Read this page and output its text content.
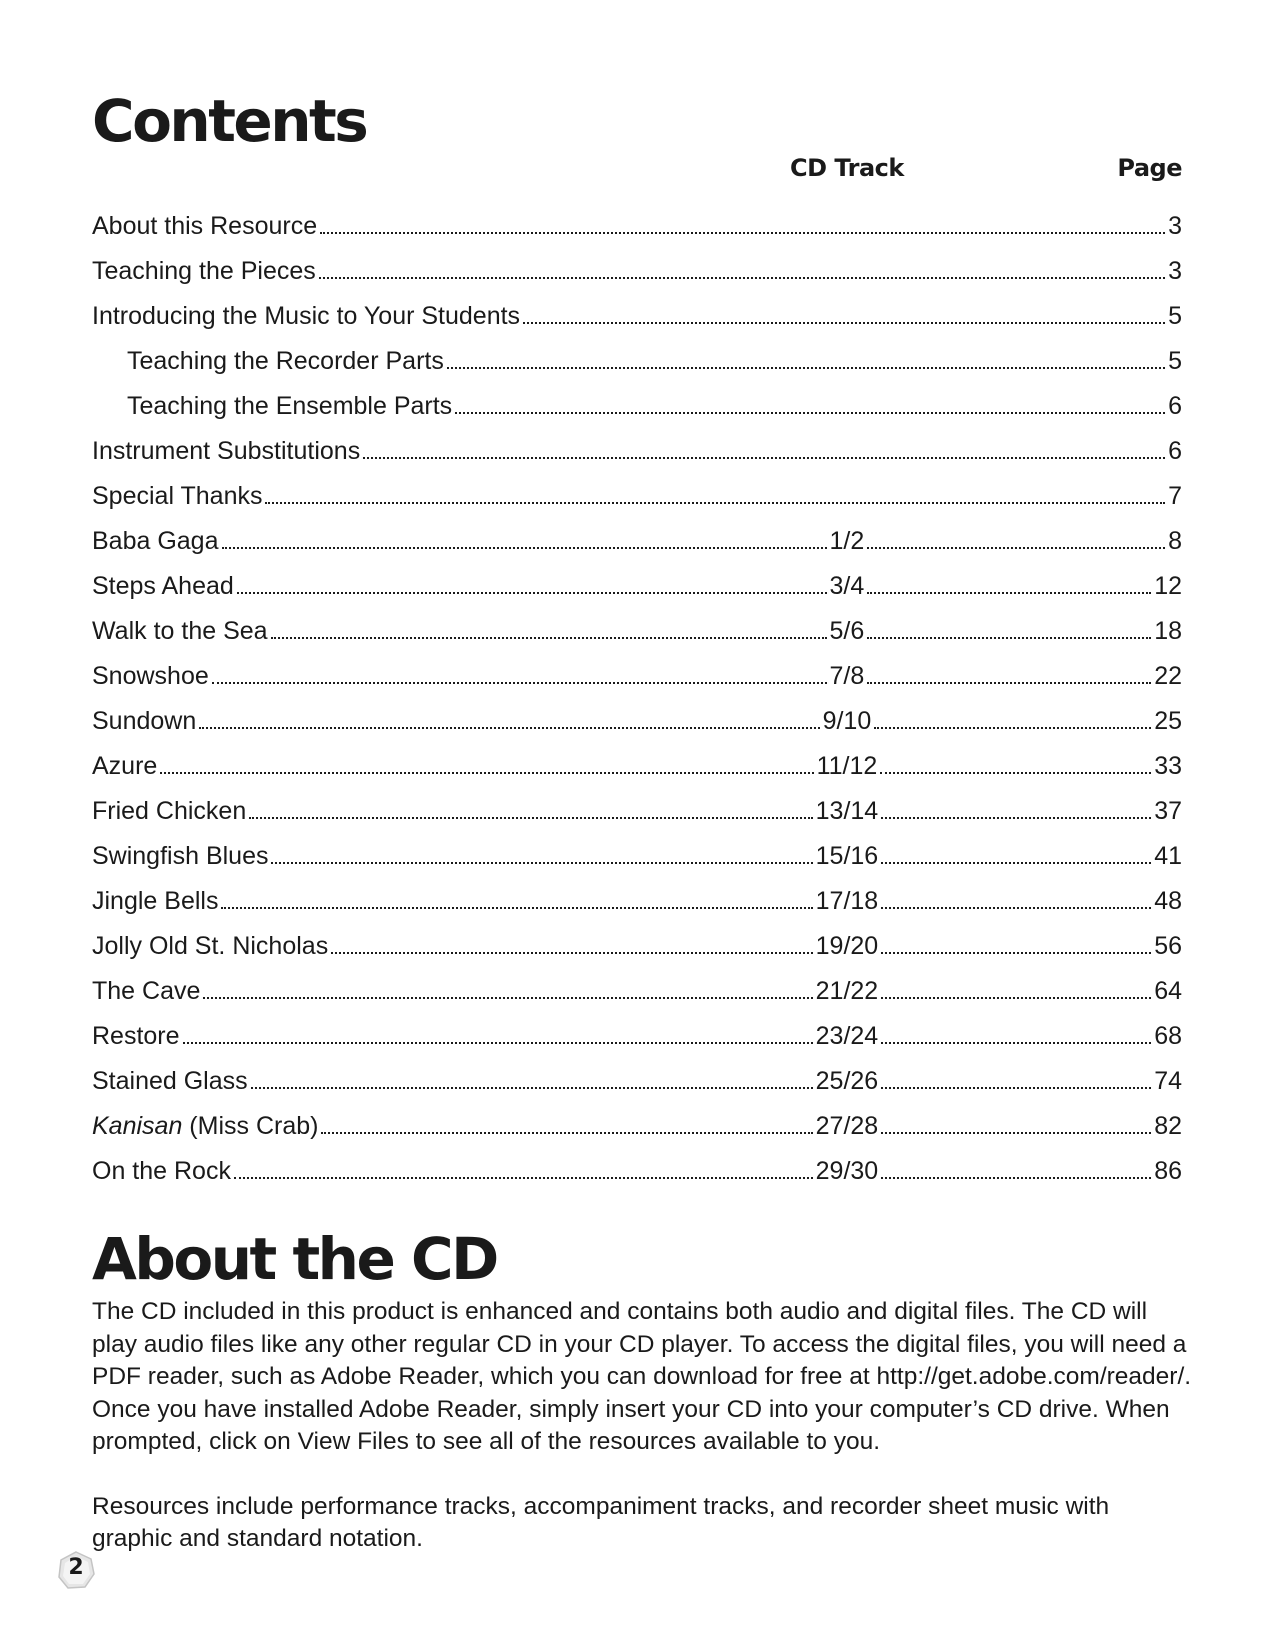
Contents
CD Track	Page
About this Resource	3
Teaching the Pieces	3
Introducing the Music to Your Students	5
Teaching the Recorder Parts	5
Teaching the Ensemble Parts	6
Instrument Substitutions	6
Special Thanks	7
Baba Gaga	1/2	8
Steps Ahead	3/4	12
Walk to the Sea	5/6	18
Snowshoe	7/8	22
Sundown	9/10	25
Azure	11/12	33
Fried Chicken	13/14	37
Swingfish Blues	15/16	41
Jingle Bells	17/18	48
Jolly Old St. Nicholas	19/20	56
The Cave	21/22	64
Restore	23/24	68
Stained Glass	25/26	74
Kanisan (Miss Crab)	27/28	82
On the Rock	29/30	86
About the CD

The CD included in this product is enhanced and contains both audio and digital files. The CD will play audio files like any other regular CD in your CD player. To access the digital files, you will need a PDF reader, such as Adobe Reader, which you can download for free at http://get.adobe.com/reader/. Once you have installed Adobe Reader, simply insert your CD into your computer’s CD drive. When prompted, click on View Files to see all of the resources available to you.

Resources include performance tracks, accompaniment tracks, and recorder sheet music with graphic and standard notation.

2
